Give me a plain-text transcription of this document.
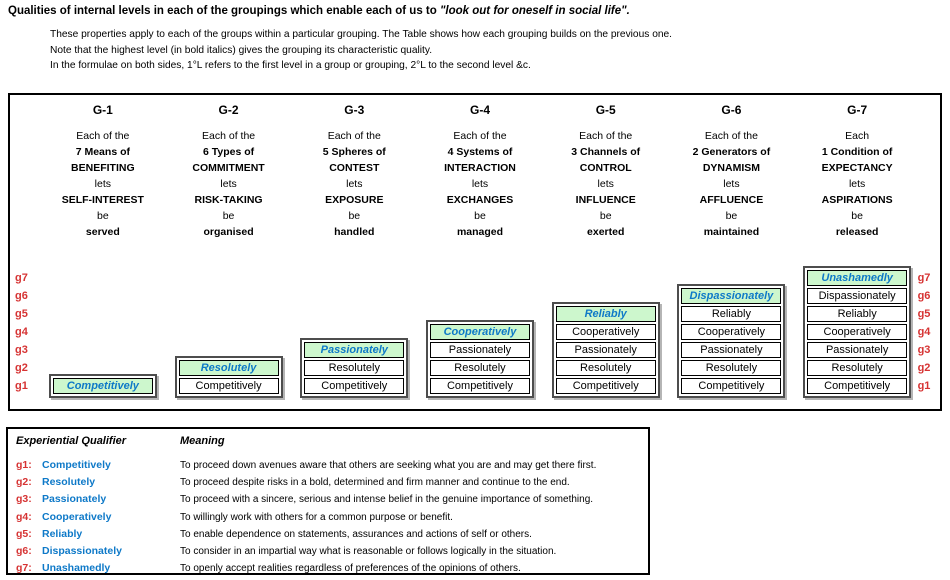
Qualities of internal levels in each of the groupings which enable each of us to "look out for oneself in social life".
These properties apply to each of the groups within a particular grouping. The Table shows how each grouping builds on the previous one.
Note that the highest level (in bold italics) gives the grouping its characteristic quality.
In the formulae on both sides, 1°L refers to the first level in a group or grouping, 2°L to the second level &c.
G-1
Each of the
7 Means of
BENEFITING
lets
SELF-INTEREST
be
served
G-2
Each of the
6 Types of
COMMITMENT
lets
RISK-TAKING
be
organised
G-3
Each of the
5 Spheres of
CONTEST
lets
EXPOSURE
be
handled
G-4
Each of the
4 Systems of
INTERACTION
lets
EXCHANGES
be
managed
G-5
Each of the
3 Channels of
CONTROL
lets
INFLUENCE
be
exerted
G-6
Each of the
2 Generators of
DYNAMISM
lets
AFFLUENCE
be
maintained
G-7
Each
1 Condition of
EXPECTANCY
lets
ASPIRATIONS
be
released
Competitively
Resolutely
Competitively
Passionately
Resolutely
Competitively
Cooperatively
Passionately
Resolutely
Competitively
Reliably
Cooperatively
Passionately
Resolutely
Competitively
Dispassionately
Reliably
Cooperatively
Passionately
Resolutely
Competitively
Unashamedly
Dispassionately
Reliably
Cooperatively
Passionately
Resolutely
Competitively
g7
g6
g5
g4
g3
g2
g1
g7
g6
g5
g4
g3
g2
g1
Experiential Qualifier	Meaning
g1: Competitively	To proceed down avenues aware that others are seeking what you are and may get there first.
g2: Resolutely	To proceed despite risks in a bold, determined and firm manner and continue to the end.
g3: Passionately	To proceed with a sincere, serious and intense belief in the genuine importance of something.
g4: Cooperatively	To willingly work with others for a common purpose or benefit.
g5: Reliably	To enable dependence on statements, assurances and actions of self or others.
g6: Dispassionately	To consider in an impartial way what is reasonable or follows logically in the situation.
g7: Unashamedly	To openly accept realities regardless of preferences of the opinions of others.
